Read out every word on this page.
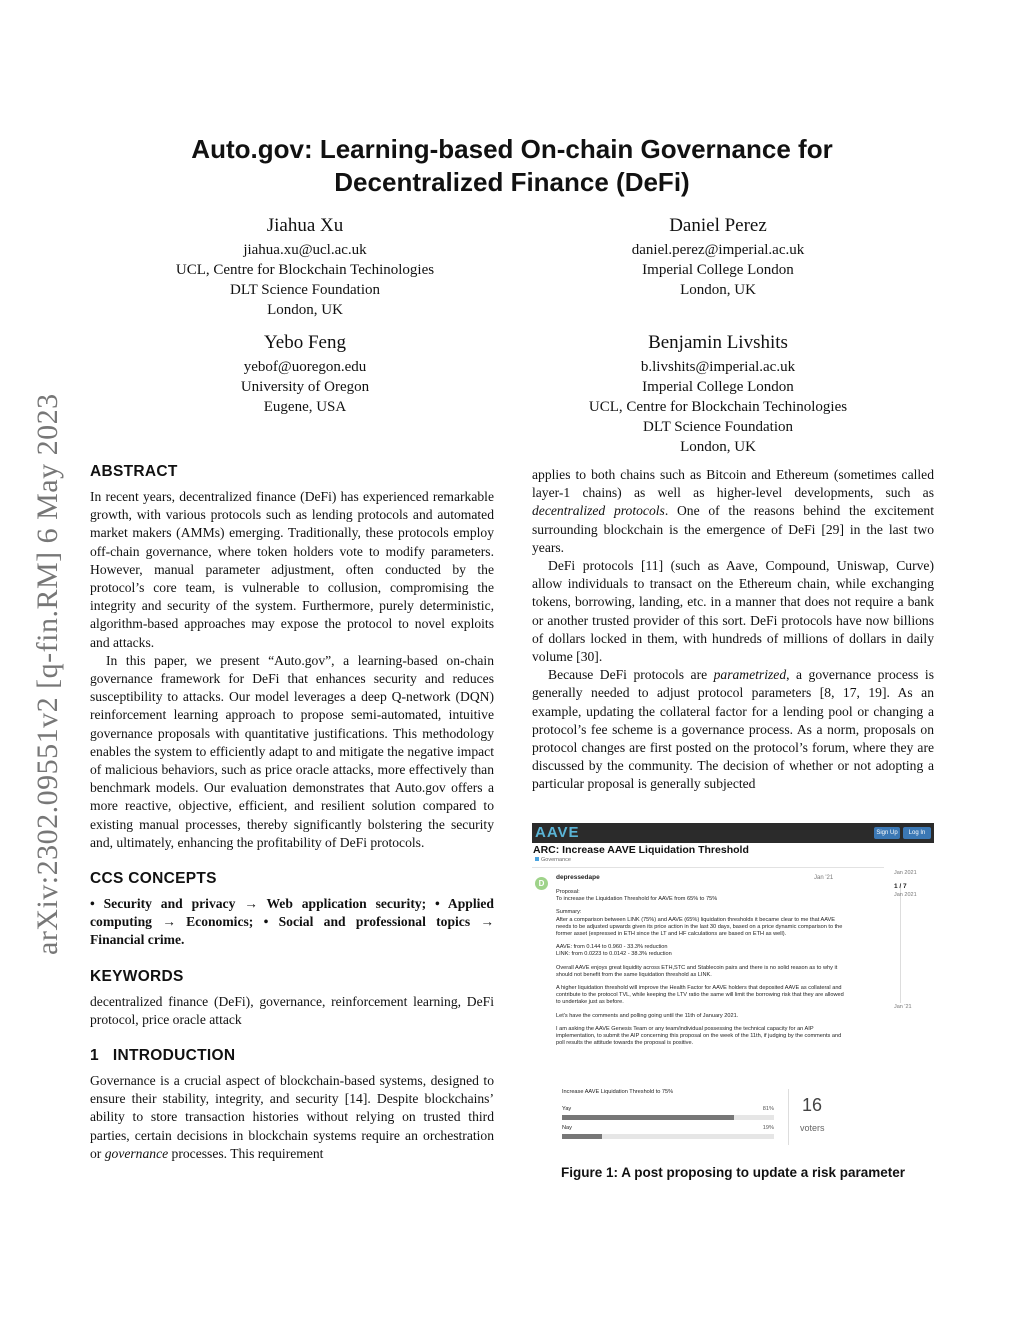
arXiv:2302.09551v2 [q-fin.RM] 6 May 2023
Auto.gov: Learning-based On-chain Governance for Decentralized Finance (DeFi)
Jiahua Xu
jiahua.xu@ucl.ac.uk
UCL, Centre for Blockchain Techinologies
DLT Science Foundation
London, UK
Daniel Perez
daniel.perez@imperial.ac.uk
Imperial College London
London, UK
Yebo Feng
yebof@uoregon.edu
University of Oregon
Eugene, USA
Benjamin Livshits
b.livshits@imperial.ac.uk
Imperial College London
UCL, Centre for Blockchain Techinologies
DLT Science Foundation
London, UK
ABSTRACT

In recent years, decentralized finance (DeFi) has experienced remarkable growth, with various protocols such as lending protocols and automated market makers (AMMs) emerging. Traditionally, these protocols employ off-chain governance, where token holders vote to modify parameters. However, manual parameter adjustment, often conducted by the protocol’s core team, is vulnerable to collusion, compromising the integrity and security of the system. Furthermore, purely deterministic, algorithm-based approaches may expose the protocol to novel exploits and attacks.

In this paper, we present “Auto.gov”, a learning-based on-chain governance framework for DeFi that enhances security and reduces susceptibility to attacks. Our model leverages a deep Q-network (DQN) reinforcement learning approach to propose semi-automated, intuitive governance proposals with quantitative justifications. This methodology enables the system to efficiently adapt to and mitigate the negative impact of malicious behaviors, such as price oracle attacks, more effectively than benchmark models. Our evaluation demonstrates that Auto.gov offers a more reactive, objective, efficient, and resilient solution compared to existing manual processes, thereby significantly bolstering the security and, ultimately, enhancing the profitability of DeFi protocols.

CCS CONCEPTS

• Security and privacy → Web application security; • Applied computing → Economics; • Social and professional topics → Financial crime.

KEYWORDS

decentralized finance (DeFi), governance, reinforcement learning, DeFi protocol, price oracle attack

1 INTRODUCTION

Governance is a crucial aspect of blockchain-based systems, designed to ensure their stability, integrity, and security [14]. Despite blockchains’ ability to store transaction histories without relying on trusted third parties, certain decisions in blockchain systems require an orchestration or governance processes. This requirement

applies to both chains such as Bitcoin and Ethereum (sometimes called layer-1 chains) as well as higher-level developments, such as decentralized protocols. One of the reasons behind the excitement surrounding blockchain is the emergence of DeFi [29] in the last two years.

DeFi protocols [11] (such as Aave, Compound, Uniswap, Curve) allow individuals to transact on the Ethereum chain, while exchanging tokens, borrowing, landing, etc. in a manner that does not require a bank or another trusted provider of this sort. DeFi protocols have now billions of dollars locked in them, with hundreds of millions of dollars in daily volume [30].

Because DeFi protocols are parametrized, a governance process is generally needed to adjust protocol parameters [8, 17, 19]. As an example, updating the collateral factor for a lending pool or changing a protocol’s fee scheme is a governance process. As a norm, proposals on protocol changes are first posted on the protocol’s forum, where they are discussed by the community. The decision of whether or not adopting a particular proposal is generally subjected

AAVE	Sign Up	Log In
ARC: Increase AAVE Liquidation Threshold
Governance
D
depressedape	Jan '21
Jan 2021
1 / 7
Jan 2021
Jan '21
Proposal:
To increase the Liquidation Threshold for AAVE from 65% to 75%
Summary:
After a comparison between LINK (75%) and AAVE (65%) liquidation thresholds it became clear to me that AAVE needs to be adjusted upwards given its price action in the last 30 days, based on a price dynamic comparison to the former asset (expressed in ETH since the LT and HF calculations are based on ETH as well).
AAVE: from 0.144 to 0.960 - 33.3% reduction
LINK: from 0.0223 to 0.0142 - 38.3% reduction
Overall AAVE enjoys great liquidity across ETH,STC and Stablecoin pairs and there is no solid reason as to why it should not benefit from the same liquidation threshold as LINK.
A higher liquidation threshold will improve the Health Factor for AAVE holders that deposited AAVE as collateral and contribute to the protocol TVL, while keeping the LTV ratio the same will limit the borrowing risk that they are allowed to undertake just as before.
Let's have the comments and polling going until the 11th of January 2021.
I am asking the AAVE Genesis Team or any team/individual possessing the technical capacity for an AIP implementation, to submit the AIP concerning this proposal on the week of the 11th, if judging by the comments and poll results the attitude towards the proposal is positive.
Increase AAVE Liquidation Threshold to 75%
Yay	81%
Nay	19%
16
voters
Figure 1: A post proposing to update a risk parameter
